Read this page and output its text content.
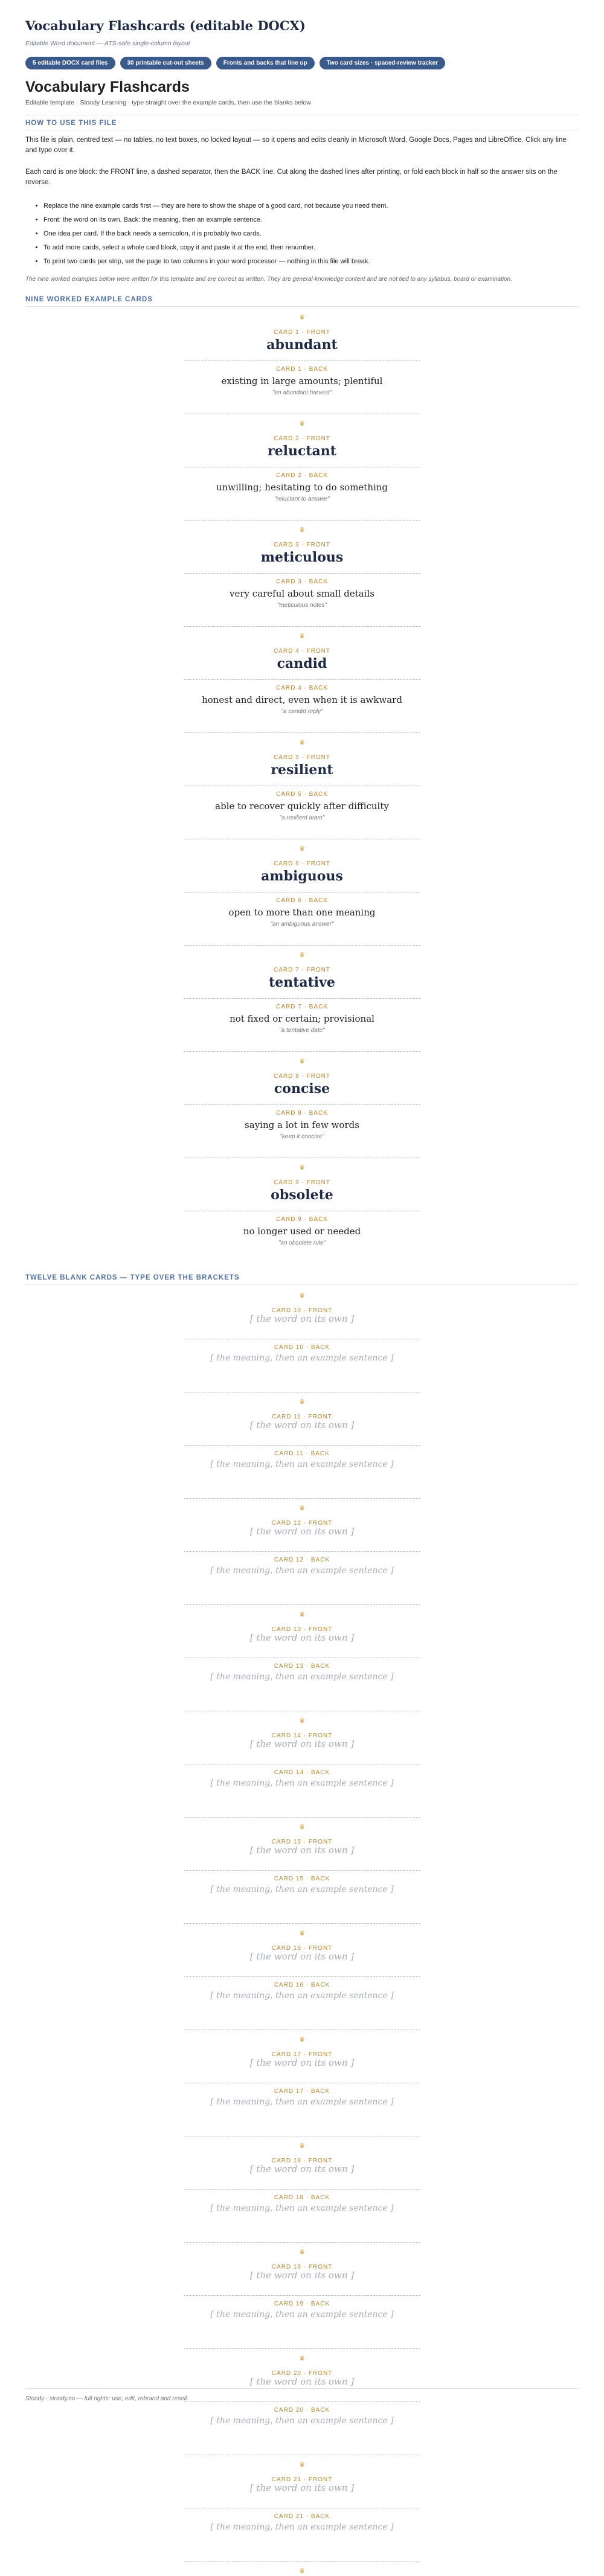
Vocabulary Flashcards (editable DOCX)
Editable Word document — ATS-safe single-column layout
5 editable DOCX card files	30 printable cut-out sheets	Fronts and backs that line up	Two card sizes · spaced-review tracker
Vocabulary Flashcards
Editable template · Stoody Learning · type straight over the example cards, then use the blanks below
HOW TO USE THIS FILE

This file is plain, centred text — no tables, no text boxes, no locked layout — so it opens and edits cleanly in Microsoft Word, Google Docs, Pages and LibreOffice. Click any line and type over it.

Each card is one block: the FRONT line, a dashed separator, then the BACK line. Cut along the dashed lines after printing, or fold each block in half so the answer sits on the reverse.

• Replace the nine example cards first — they are here to show the shape of a good card, not because you need them.
• Front: the word on its own. Back: the meaning, then an example sentence.
• One idea per card. If the back needs a semicolon, it is probably two cards.
• To add more cards, select a whole card block, copy it and paste it at the end, then renumber.
• To print two cards per strip, set the page to two columns in your word processor — nothing in this file will break.
The nine worked examples below were written for this template and are correct as written. They are general-knowledge content and are not tied to any syllabus, board or examination.
NINE WORKED EXAMPLE CARDS
♛
CARD 1 · FRONT
abundant
CARD 1 · BACK
existing in large amounts; plentiful
"an abundant harvest"
♛
CARD 2 · FRONT
reluctant
CARD 2 · BACK
unwilling; hesitating to do something
"reluctant to answer"
♛
CARD 3 · FRONT
meticulous
CARD 3 · BACK
very careful about small details
"meticulous notes"
♛
CARD 4 · FRONT
candid
CARD 4 · BACK
honest and direct, even when it is awkward
"a candid reply"
♛
CARD 5 · FRONT
resilient
CARD 5 · BACK
able to recover quickly after difficulty
"a resilient team"
♛
CARD 6 · FRONT
ambiguous
CARD 6 · BACK
open to more than one meaning
"an ambiguous answer"
♛
CARD 7 · FRONT
tentative
CARD 7 · BACK
not fixed or certain; provisional
"a tentative date"
♛
CARD 8 · FRONT
concise
CARD 8 · BACK
saying a lot in few words
"keep it concise"
♛
CARD 9 · FRONT
obsolete
CARD 9 · BACK
no longer used or needed
"an obsolete rule"
TWELVE BLANK CARDS — TYPE OVER THE BRACKETS
♛
CARD 10 · FRONT
[ the word on its own ]
CARD 10 · BACK
[ the meaning, then an example sentence ]
♛
CARD 11 · FRONT
[ the word on its own ]
CARD 11 · BACK
[ the meaning, then an example sentence ]
♛
CARD 12 · FRONT
[ the word on its own ]
CARD 12 · BACK
[ the meaning, then an example sentence ]
♛
CARD 13 · FRONT
[ the word on its own ]
CARD 13 · BACK
[ the meaning, then an example sentence ]
♛
CARD 14 · FRONT
[ the word on its own ]
CARD 14 · BACK
[ the meaning, then an example sentence ]
♛
CARD 15 · FRONT
[ the word on its own ]
CARD 15 · BACK
[ the meaning, then an example sentence ]
♛
CARD 16 · FRONT
[ the word on its own ]
CARD 16 · BACK
[ the meaning, then an example sentence ]
♛
CARD 17 · FRONT
[ the word on its own ]
CARD 17 · BACK
[ the meaning, then an example sentence ]
♛
CARD 18 · FRONT
[ the word on its own ]
CARD 18 · BACK
[ the meaning, then an example sentence ]
♛
CARD 19 · FRONT
[ the word on its own ]
CARD 19 · BACK
[ the meaning, then an example sentence ]
♛
CARD 20 · FRONT
[ the word on its own ]
CARD 20 · BACK
[ the meaning, then an example sentence ]
♛
CARD 21 · FRONT
[ the word on its own ]
CARD 21 · BACK
[ the meaning, then an example sentence ]
♛
Stoody · stoody.co — full rights: use, edit, rebrand and resell.
